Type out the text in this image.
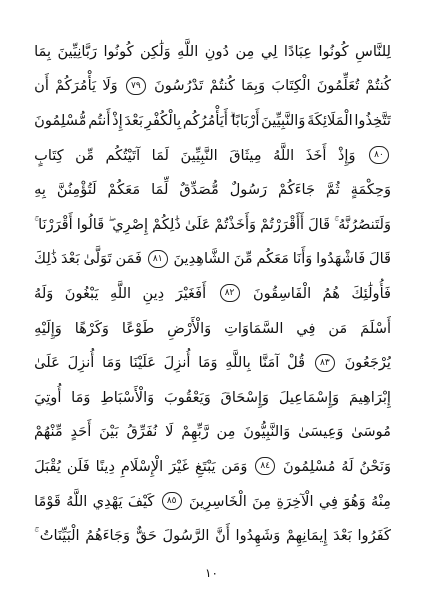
لِلنَّاسِ
كُونُوا
عِبَادًا
لِي
مِن
دُونِ
اللَّهِ
وَلَٰكِن
كُونُوا
رَبَّانِيِّينَ
بِمَا
كُنتُمْ
تُعَلِّمُونَ
الْكِتَابَ
وَبِمَا
كُنتُمْ
تَدْرُسُونَ
٧٩
وَلَا
يَأْمُرَكُمْ
أَن
تَتَّخِذُوا
الْمَلَائِكَةَ
وَالنَّبِيِّينَ
أَرْبَابًا
أَيَأْمُرُكُم
بِالْكُفْرِ
بَعْدَ
إِذْ
أَنتُم
مُّسْلِمُونَ
٨٠
وَإِذْ
أَخَذَ
اللَّهُ
مِيثَاقَ
النَّبِيِّينَ
لَمَا
آتَيْتُكُم
مِّن
كِتَابٍ
وَحِكْمَةٍ
ثُمَّ
جَاءَكُمْ
رَسُولٌ
مُّصَدِّقٌ
لِّمَا
مَعَكُمْ
لَتُؤْمِنُنَّ
بِهِ
وَلَتَنصُرُنَّهُ
قَالَ
أَأَقْرَرْتُمْ
وَأَخَذْتُمْ
عَلَىٰ
ذَٰلِكُمْ
إِصْرِي
قَالُوا
أَقْرَرْنَا
قَالَ
فَاشْهَدُوا
وَأَنَا
مَعَكُم
مِّنَ
الشَّاهِدِينَ
٨١
فَمَن
تَوَلَّىٰ
بَعْدَ
ذَٰلِكَ
فَأُولَٰئِكَ
هُمُ
الْفَاسِقُونَ
٨٢
أَفَغَيْرَ
دِينِ
اللَّهِ
يَبْغُونَ
وَلَهُ
أَسْلَمَ
مَن
فِي
السَّمَاوَاتِ
وَالْأَرْضِ
طَوْعًا
وَكَرْهًا
وَإِلَيْهِ
يُرْجَعُونَ
٨٣
قُلْ
آمَنَّا
بِاللَّهِ
وَمَا
أُنزِلَ
عَلَيْنَا
وَمَا
أُنزِلَ
عَلَىٰ
إِبْرَاهِيمَ
وَإِسْمَاعِيلَ
وَإِسْحَاقَ
وَيَعْقُوبَ
وَالْأَسْبَاطِ
وَمَا
أُوتِيَ
مُوسَىٰ
وَعِيسَىٰ
وَالنَّبِيُّونَ
مِن
رَّبِّهِمْ
لَا
نُفَرِّقُ
بَيْنَ
أَحَدٍ
مِّنْهُمْ
وَنَحْنُ
لَهُ
مُسْلِمُونَ
٨٤
وَمَن
يَبْتَغِ
غَيْرَ
الْإِسْلَامِ
دِينًا
فَلَن
يُقْبَلَ
مِنْهُ
وَهُوَ
فِي
الْآخِرَةِ
مِنَ
الْخَاسِرِينَ
٨٥
كَيْفَ
يَهْدِي
اللَّهُ
قَوْمًا
كَفَرُوا
بَعْدَ
إِيمَانِهِمْ
وَشَهِدُوا
أَنَّ
الرَّسُولَ
حَقٌّ
وَجَاءَهُمُ
الْبَيِّنَاتُ
١٠
